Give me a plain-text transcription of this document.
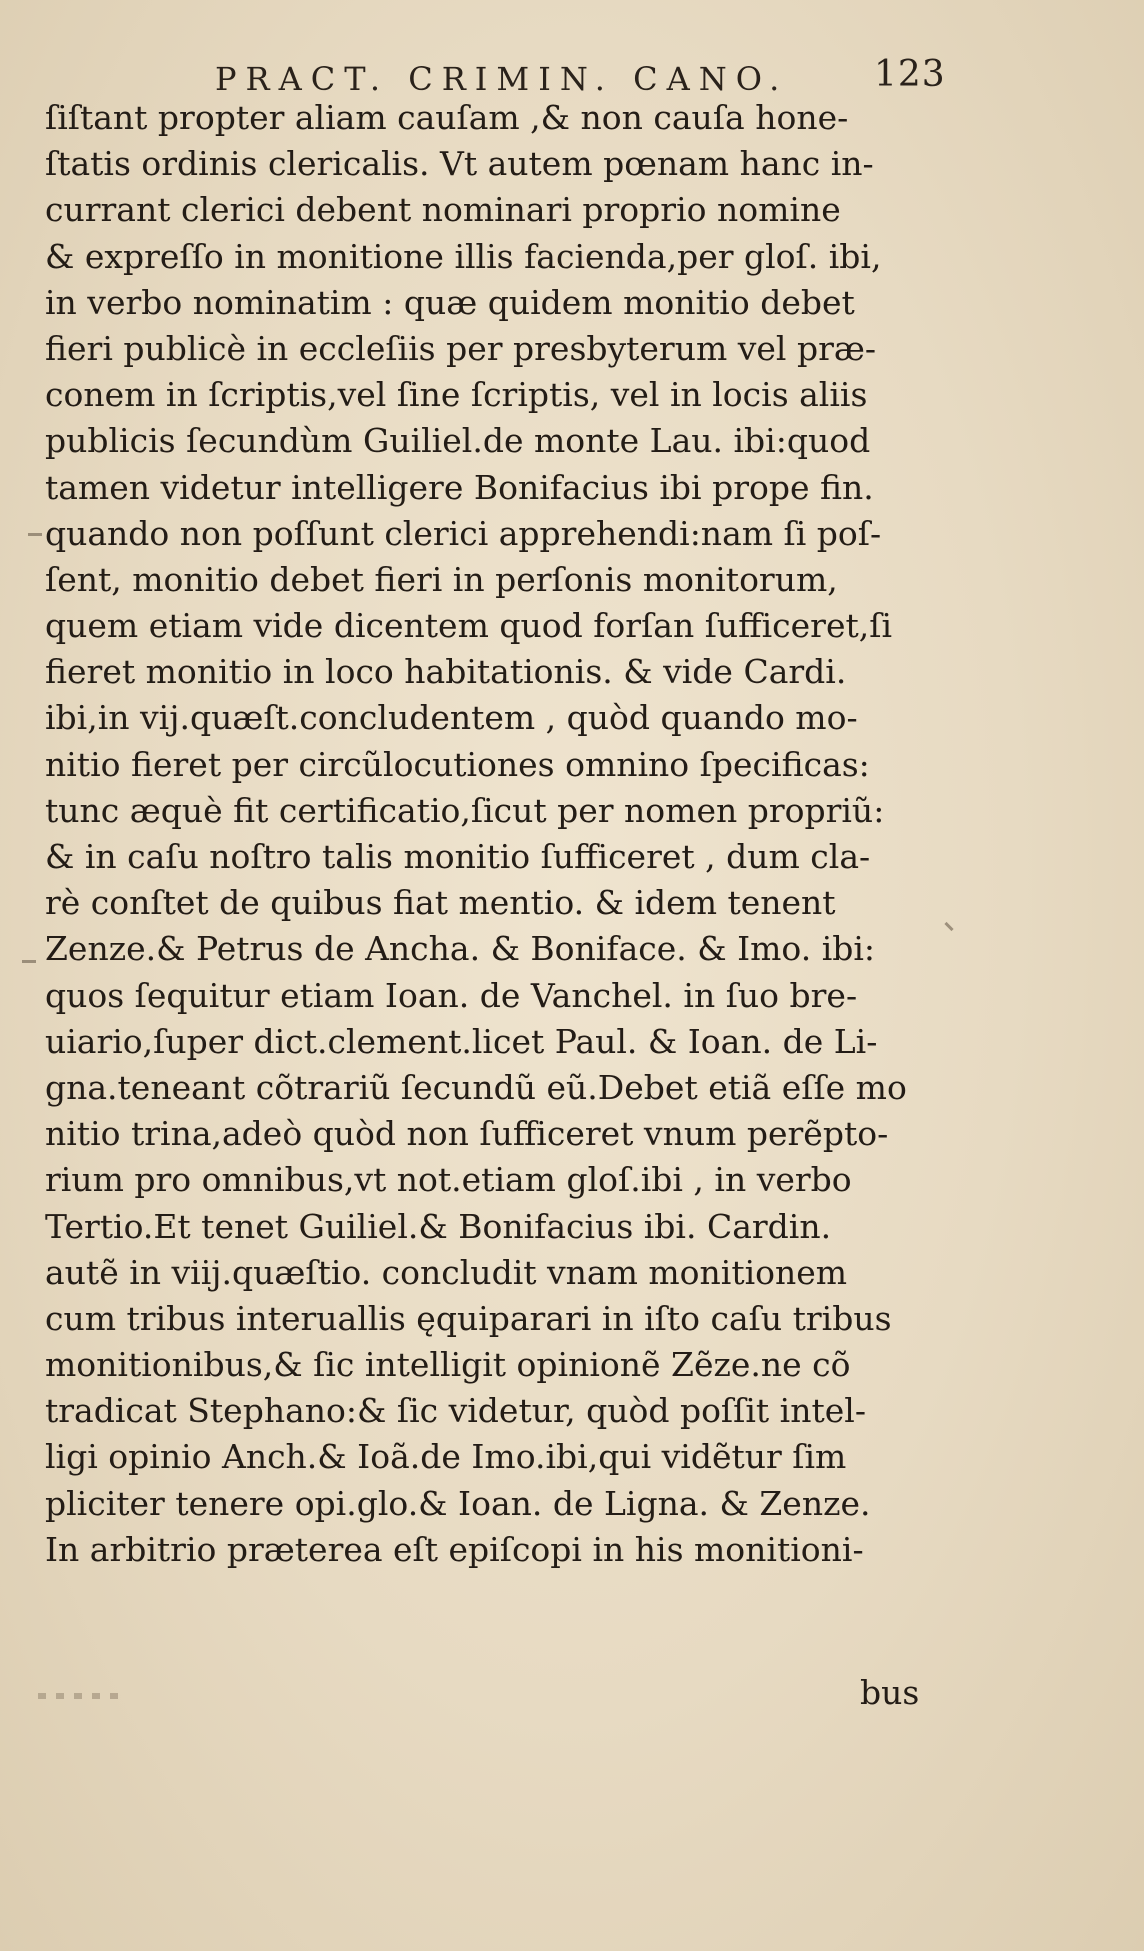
PRACT. CRIMIN. CANO. 123
ſiſtant propter aliam cauſam ,& non cauſa hone-
ſtatis ordinis clericalis. Vt autem pœnam hanc in-
currant clerici debent nominari proprio nomine
& expreſſo in monitione illis facienda,per gloſ. ibi,
in verbo nominatim : quæ quidem monitio debet
fieri publicè in eccleſiis per presbyterum vel præ-
conem in ſcriptis,vel ſine ſcriptis, vel in locis aliis
publicis ſecundùm Guiliel.de monte Lau. ibi:quod
tamen videtur intelligere Bonifacius ibi prope fin.
quando non poſſunt clerici apprehendi:nam ſi poſ-
ſent, monitio debet fieri in perſonis monitorum,
quem etiam vide dicentem quod forſan ſufficeret,ſi
fieret monitio in loco habitationis. & vide Cardi.
ibi,in vij.quæſt.concludentem , quòd quando mo-
nitio fieret per circũlocutiones omnino ſpecificas:
tunc æquè fit certificatio,ſicut per nomen propriũ:
& in caſu noſtro talis monitio ſufficeret , dum cla-
rè conſtet de quibus fiat mentio. & idem tenent
Zenze.& Petrus de Ancha. & Boniface. & Imo. ibi:
quos ſequitur etiam Ioan. de Vanchel. in ſuo bre-
uiario,ſuper dict.clement.licet Paul. & Ioan. de Li-
gna.teneant cõtrariũ ſecundũ eũ.Debet etiã eſſe mo
nitio trina,adeò quòd non ſufficeret vnum perẽpto-
rium pro omnibus,vt not.etiam gloſ.ibi , in verbo
Tertio.Et tenet Guiliel.& Bonifacius ibi. Cardin.
autẽ in viij.quæſtio. concludit vnam monitionem
cum tribus interuallis ęquiparari in iſto caſu tribus
monitionibus,& ſic intelligit opinionẽ Zẽze.ne cõ
tradicat Stephano:& ſic videtur, quòd poſſit intel-
ligi opinio Anch.& Ioã.de Imo.ibi,qui vidẽtur ſim
pliciter tenere opi.glo.& Ioan. de Ligna. & Zenze.
In arbitrio præterea eſt epiſcopi in his monitioni-
bus
